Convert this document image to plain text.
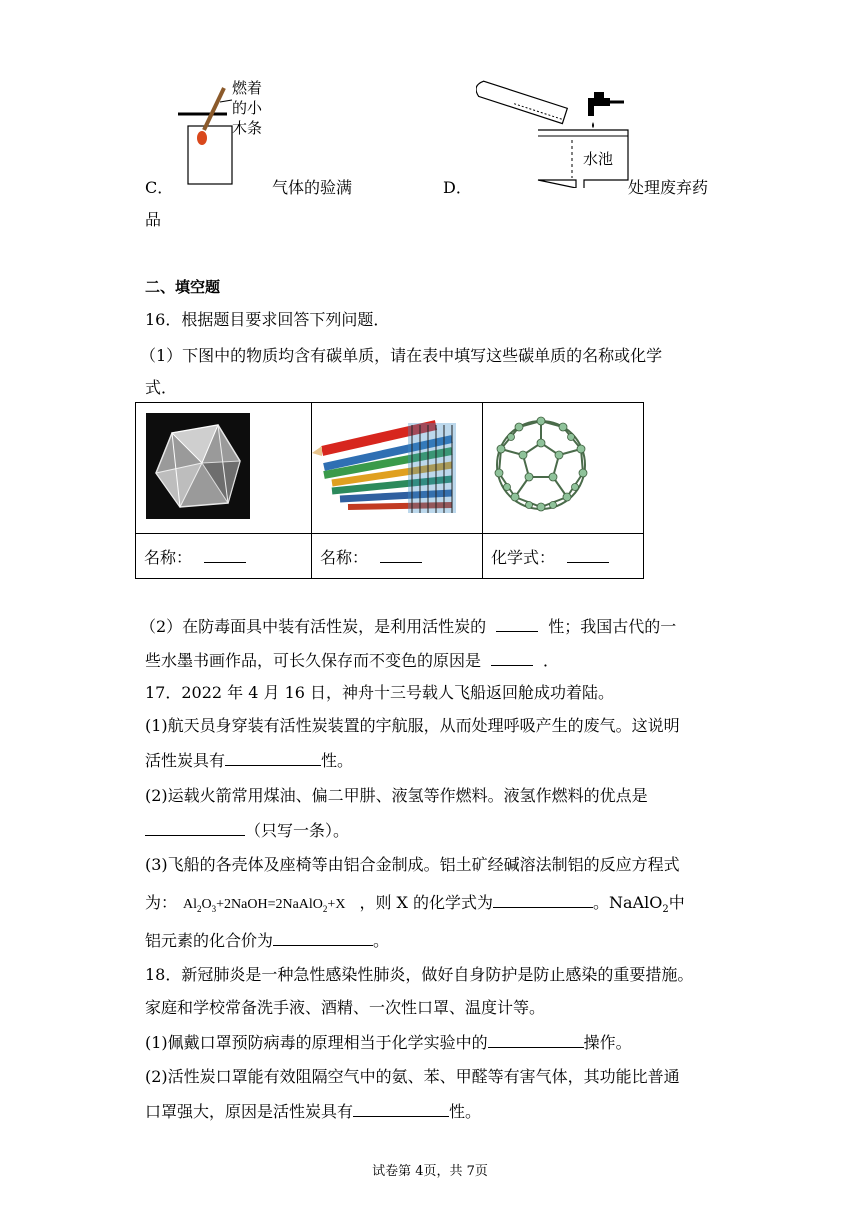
燃着的小木条
水池
C．	气体的验满	D．	处理废弃药
品
二、填空题
16．根据题目要求回答下列问题．
（1）下图中的物质均含有碳单质，请在表中填写这些碳单质的名称或化学
式．

名称：	名称：	化学式：
（2）在防毒面具中装有活性炭，是利用活性炭的	性；我国古代的一
些水墨书画作品，可长久保存而不变色的原因是	．
17．2022 年 4 月 16 日，神舟十三号载人飞船返回舱成功着陆。
(1)航天员身穿装有活性炭装置的宇航服，从而处理呼吸产生的废气。这说明
活性炭具有	性。
(2)运载火箭常用煤油、偏二甲肼、液氢等作燃料。液氢作燃料的优点是
（只写一条）。
(3)飞船的各壳体及座椅等由铝合金制成。铝土矿经碱溶法制铝的反应方程式
为： $Al_2O_3+2NaOH=2NaAlO_2+X$ ，则 X 的化学式为	。NaAlO$_2$中
铝元素的化合价为	。
18．新冠肺炎是一种急性感染性肺炎，做好自身防护是防止感染的重要措施。
家庭和学校常备洗手液、酒精、一次性口罩、温度计等。
(1)佩戴口罩预防病毒的原理相当于化学实验中的	操作。
(2)活性炭口罩能有效阻隔空气中的氨、苯、甲醛等有害气体，其功能比普通
口罩强大，原因是活性炭具有	性。
试卷第 4页，共 7页
